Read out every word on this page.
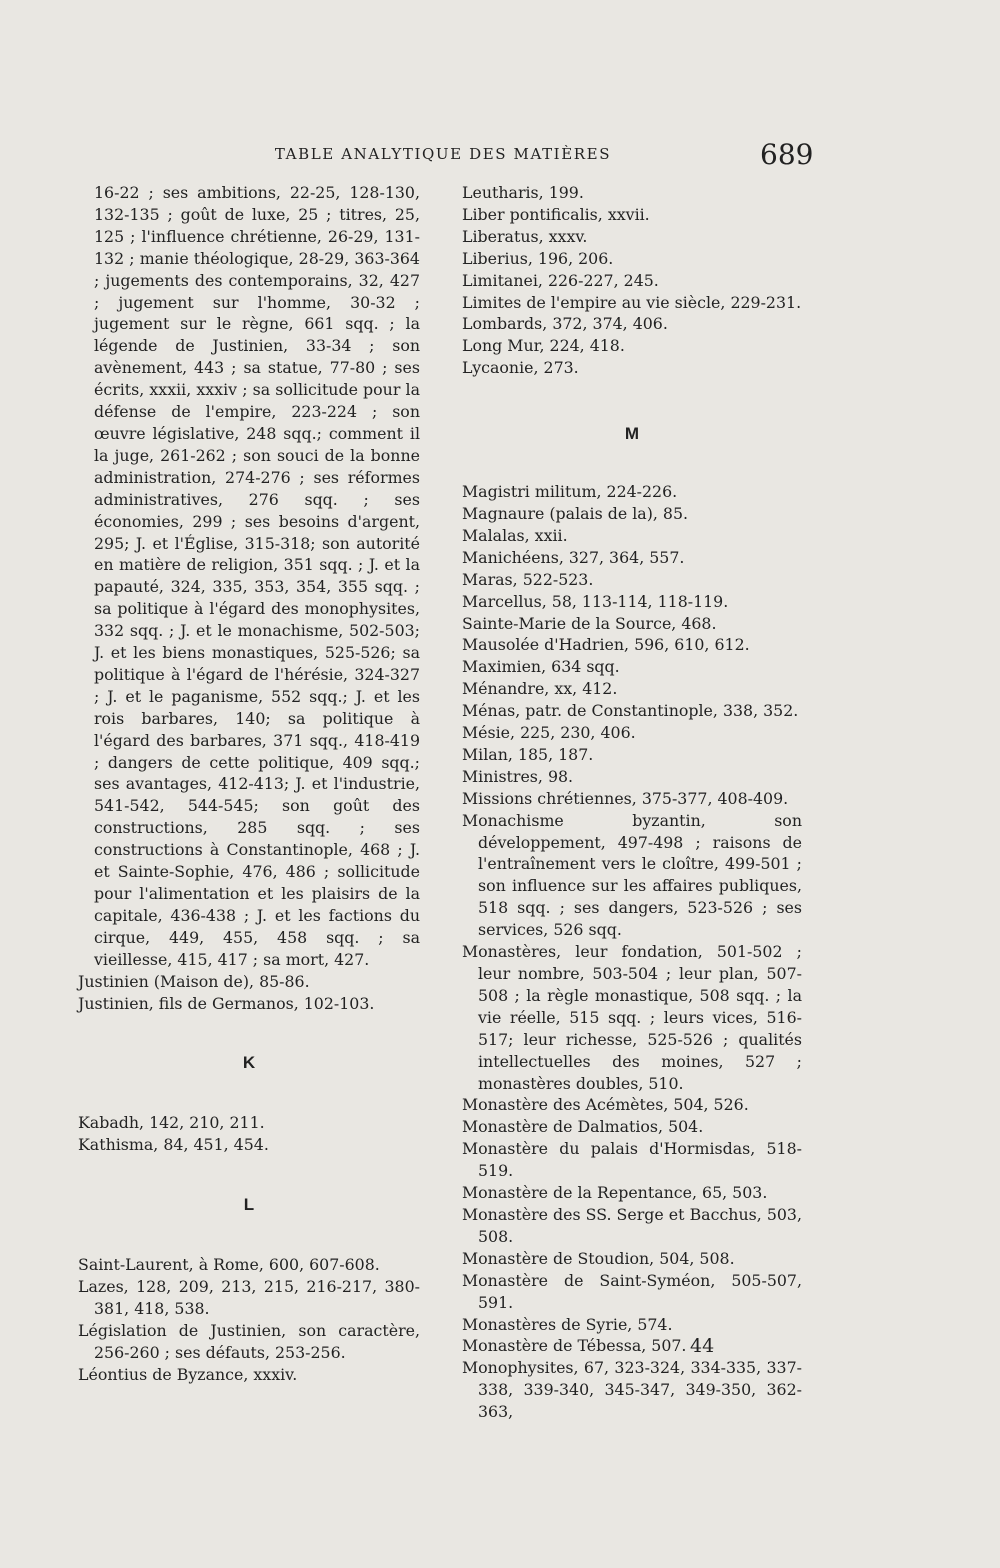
TABLE ANALYTIQUE DES MATIÈRES	689

16-22 ; ses ambitions, 22-25, 128-130, 132-135 ; goût de luxe, 25 ; titres, 25, 125 ; l'influence chrétienne, 26-29, 131-132 ; manie théologique, 28-29, 363-364 ; jugements des contemporains, 32, 427 ; jugement sur l'homme, 30-32 ; jugement sur le règne, 661 sqq. ; la légende de Justinien, 33-34 ; son avènement, 443 ; sa statue, 77-80 ; ses écrits, xxxii, xxxiv ; sa sollicitude pour la défense de l'empire, 223-224 ; son œuvre législative, 248 sqq.; comment il la juge, 261-262 ; son souci de la bonne administration, 274-276 ; ses réformes administratives, 276 sqq. ; ses économies, 299 ; ses besoins d'argent, 295; J. et l'Église, 315-318; son autorité en matière de religion, 351 sqq. ; J. et la papauté, 324, 335, 353, 354, 355 sqq. ; sa politique à l'égard des monophysites, 332 sqq. ; J. et le monachisme, 502-503; J. et les biens monastiques, 525-526; sa politique à l'égard de l'hérésie, 324-327 ; J. et le paganisme, 552 sqq.; J. et les rois barbares, 140; sa politique à l'égard des barbares, 371 sqq., 418-419 ; dangers de cette politique, 409 sqq.; ses avantages, 412-413; J. et l'industrie, 541-542, 544-545; son goût des constructions, 285 sqq. ; ses constructions à Constantinople, 468 ; J. et Sainte-Sophie, 476, 486 ; sollicitude pour l'alimentation et les plaisirs de la capitale, 436-438 ; J. et les factions du cirque, 449, 455, 458 sqq. ; sa vieillesse, 415, 417 ; sa mort, 427.

Justinien (Maison de), 85-86.

Justinien, fils de Germanos, 102-103.

K

Kabadh, 142, 210, 211.

Kathisma, 84, 451, 454.

L

Saint-Laurent, à Rome, 600, 607-608.

Lazes, 128, 209, 213, 215, 216-217, 380-381, 418, 538.

Législation de Justinien, son caractère, 256-260 ; ses défauts, 253-256.

Léontius de Byzance, xxxiv.

Leutharis, 199.

Liber pontificalis, xxvii.

Liberatus, xxxv.

Liberius, 196, 206.

Limitanei, 226-227, 245.

Limites de l'empire au vie siècle, 229-231.

Lombards, 372, 374, 406.

Long Mur, 224, 418.

Lycaonie, 273.

M

Magistri militum, 224-226.

Magnaure (palais de la), 85.

Malalas, xxii.

Manichéens, 327, 364, 557.

Maras, 522-523.

Marcellus, 58, 113-114, 118-119.

Sainte-Marie de la Source, 468.

Mausolée d'Hadrien, 596, 610, 612.

Maximien, 634 sqq.

Ménandre, xx, 412.

Ménas, patr. de Constantinople, 338, 352.

Mésie, 225, 230, 406.

Milan, 185, 187.

Ministres, 98.

Missions chrétiennes, 375-377, 408-409.

Monachisme byzantin, son développement, 497-498 ; raisons de l'entraînement vers le cloître, 499-501 ; son influence sur les affaires publiques, 518 sqq. ; ses dangers, 523-526 ; ses services, 526 sqq.

Monastères, leur fondation, 501-502 ; leur nombre, 503-504 ; leur plan, 507-508 ; la règle monastique, 508 sqq. ; la vie réelle, 515 sqq. ; leurs vices, 516-517; leur richesse, 525-526 ; qualités intellectuelles des moines, 527 ; monastères doubles, 510.

Monastère des Acémètes, 504, 526.

Monastère de Dalmatios, 504.

Monastère du palais d'Hormisdas, 518-519.

Monastère de la Repentance, 65, 503.

Monastère des SS. Serge et Bacchus, 503, 508.

Monastère de Stoudion, 504, 508.

Monastère de Saint-Syméon, 505-507, 591.

Monastères de Syrie, 574.

Monastère de Tébessa, 507.

Monophysites, 67, 323-324, 334-335, 337-338, 339-340, 345-347, 349-350, 362-363,

44
